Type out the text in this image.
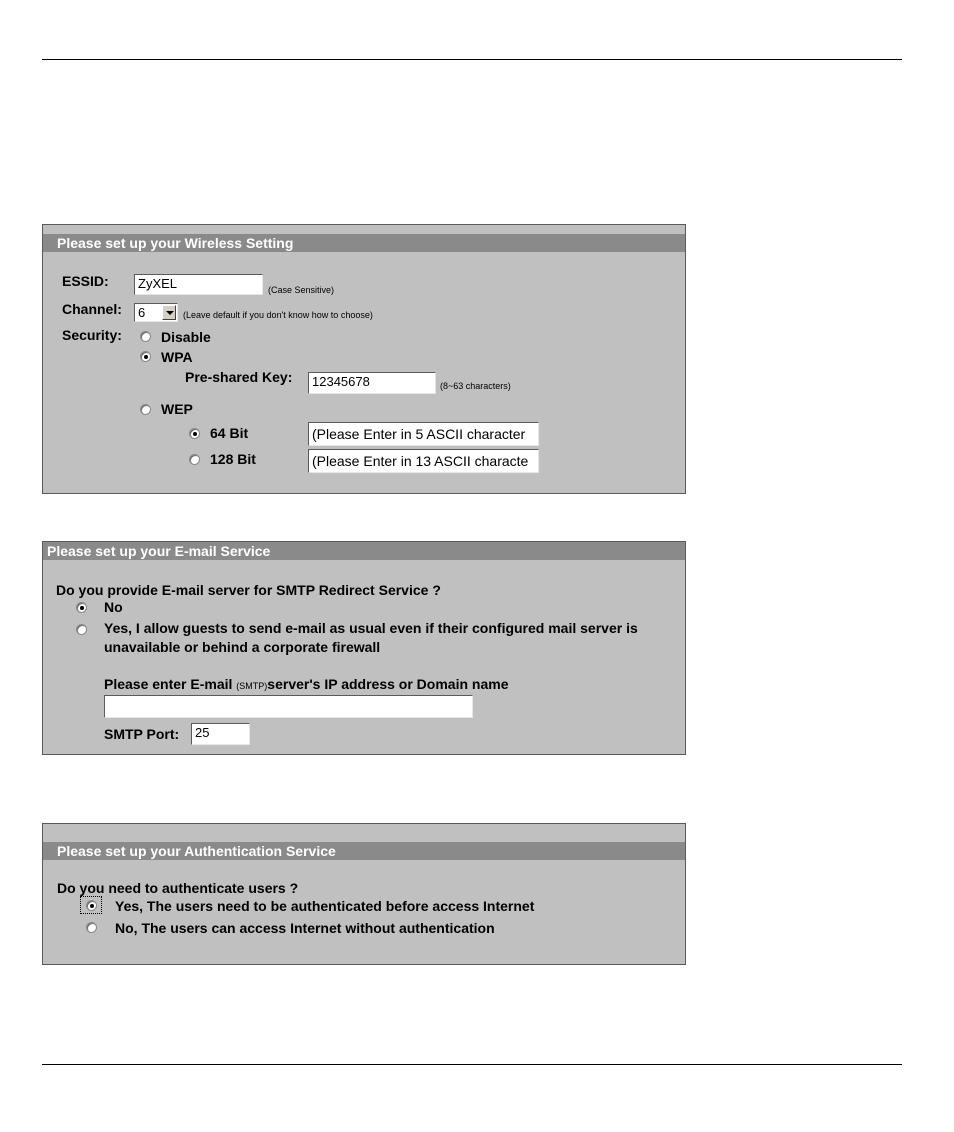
Please set up your Wireless Setting
ESSID:	ZyXEL	(Case Sensitive)
Channel: 6	(Leave default if you don't know how to choose)
Security:	Disable
WPA
Pre-shared Key:	12345678	(8~63 characters)
WEP
64 Bit	(Please Enter in 5 ASCII character
128 Bit	(Please Enter in 13 ASCII characte
Please set up your E-mail Service
Do you provide E-mail server for SMTP Redirect Service ?
No
Yes, I allow guests to send e-mail as usual even if their configured mail server is
unavailable or behind a corporate firewall
Please enter E-mail (SMTP)server's IP address or Domain name
SMTP Port:	25
Please set up your Authentication Service
Do you need to authenticate users ?
Yes, The users need to be authenticated before access Internet
No, The users can access Internet without authentication
